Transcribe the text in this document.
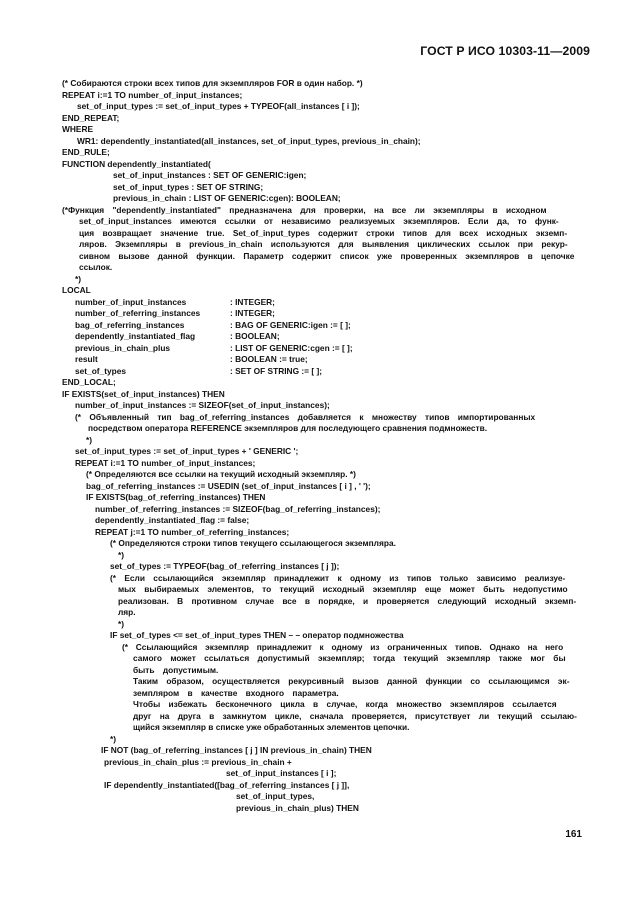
ГОСТ Р ИСО 10303-11—2009
(* Собираются строки всех типов для экземпляров FOR в один набор. *)
REPEAT i:=1 TO number_of_input_instances;
set_of_input_types := set_of_input_types + TYPEOF(all_instances [ i ]);
END_REPEAT;
WHERE
WR1: dependently_instantiated(all_instances, set_of_input_types, previous_in_chain);
END_RULE;
FUNCTION dependently_instantiated(
set_of_input_instances : SET OF GENERIC:igen;
set_of_input_types : SET OF STRING;
previous_in_chain : LIST OF GENERIC:cgen): BOOLEAN;
(*Функция "dependently_instantiated" предназначена для проверки, на все ли экземпляры в исходном
set_of_input_instances имеются ссылки от независимо реализуемых экземпляров. Если да, то функ-
ция возвращает значение true. Set_of_input_types содержит строки типов для всех исходных экземп-
ляров. Экземпляры в previous_in_chain используются для выявления циклических ссылок при рекур-
сивном вызове данной функции. Параметр содержит список уже проверенных экземпляров в цепочке
ссылок.
*)
LOCAL
number_of_input_instances	: INTEGER;
number_of_referring_instances	: INTEGER;
bag_of_referring_instances	: BAG OF GENERIC:igen := [ ];
dependently_instantiated_flag	: BOOLEAN;
previous_in_chain_plus	: LIST OF GENERIC:cgen := [ ];
result	: BOOLEAN := true;
set_of_types	: SET OF STRING := [ ];
END_LOCAL;
IF EXISTS(set_of_input_instances) THEN
number_of_input_instances := SIZEOF(set_of_input_instances);
(* Объявленный тип bag_of_referring_instances добавляется к множеству типов импортированных
посредством оператора REFERENCE экземпляров для последующего сравнения подмножеств.
*)
set_of_input_types := set_of_input_types + ' GENERIC ';
REPEAT i:=1 TO number_of_input_instances;
(* Определяются все ссылки на текущий исходный экземпляр. *)
bag_of_referring_instances := USEDIN (set_of_input_instances [ i ] , ' ');
IF EXISTS(bag_of_referring_instances) THEN
number_of_referring_instances := SIZEOF(bag_of_referring_instances);
dependently_instantiated_flag := false;
REPEAT j:=1 TO number_of_referring_instances;
(* Определяются строки типов текущего ссылающегося экземпляра.
*)
set_of_types := TYPEOF(bag_of_referring_instances [ j ]);
(* Если ссылающийся экземпляр принадлежит к одному из типов только зависимо реализуе-
мых выбираемых элементов, то текущий исходный экземпляр еще может быть недопустимо
реализован. В противном случае все в порядке, и проверяется следующий исходный экземп-
ляр.
*)
IF set_of_types <= set_of_input_types THEN – – оператор подмножества
(* Ссылающийся экземпляр принадлежит к одному из ограниченных типов. Однако на него
самого может ссылаться допустимый экземпляр; тогда текущий экземпляр также мог бы
быть допустимым.
Таким образом, осуществляется рекурсивный вызов данной функции со ссылающимся эк-
земпляром в качестве входного параметра.
Чтобы избежать бесконечного цикла в случае, когда множество экземпляров ссылается
друг на друга в замкнутом цикле, сначала проверяется, присутствует ли текущий ссылаю-
щийся экземпляр в списке уже обработанных элементов цепочки.
*)
IF NOT (bag_of_referring_instances [ j ] IN previous_in_chain) THEN
previous_in_chain_plus := previous_in_chain +
set_of_input_instances [ i ];
IF dependently_instantiated([bag_of_referring_instances [ j ]],
set_of_input_types,
previous_in_chain_plus) THEN
161
